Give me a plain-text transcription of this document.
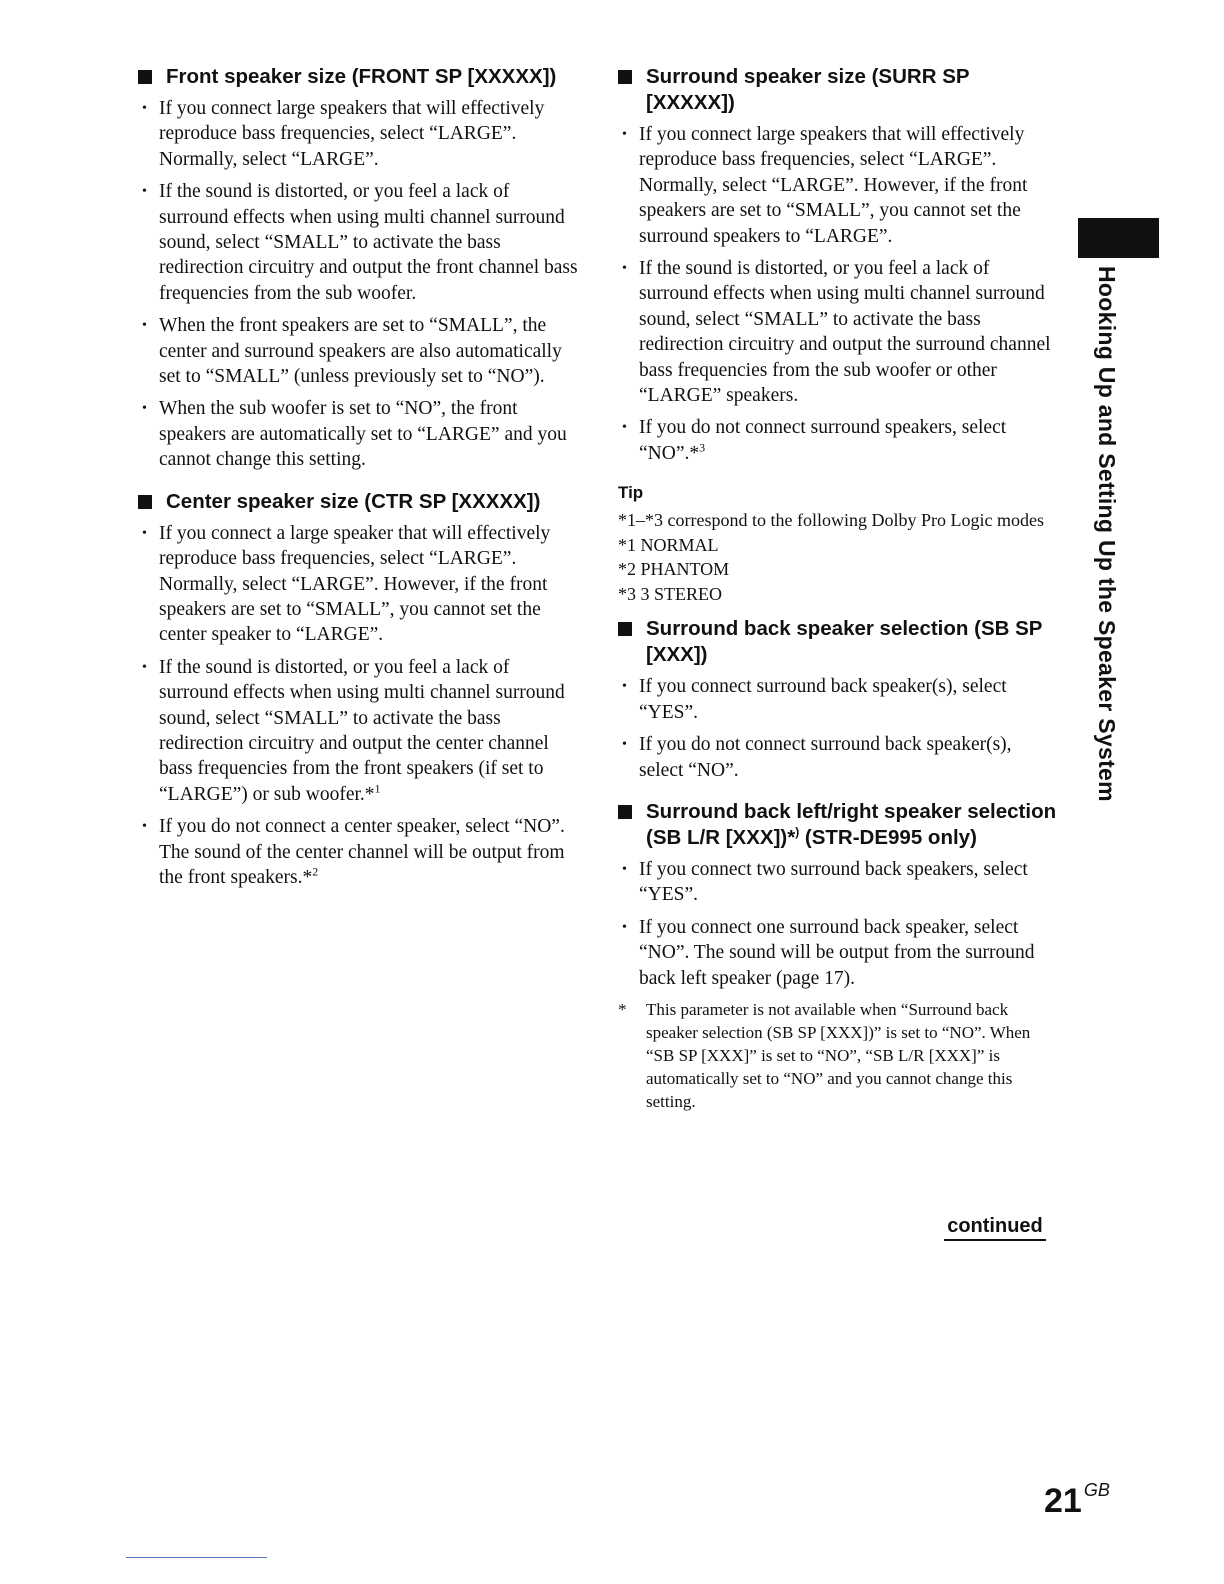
Front speaker size (FRONT SP [XXXXX])
• If you connect large speakers that will effectively reproduce bass frequencies, select “LARGE”. Normally, select “LARGE”.
• If the sound is distorted, or you feel a lack of surround effects when using multi channel surround sound, select “SMALL” to activate the bass redirection circuitry and output the front channel bass frequencies from the sub woofer.
• When the front speakers are set to “SMALL”, the center and surround speakers are also automatically set to “SMALL” (unless previously set to “NO”).
• When the sub woofer is set to “NO”, the front speakers are automatically set to “LARGE” and you cannot change this setting.
Center speaker size (CTR SP [XXXXX])
• If you connect a large speaker that will effectively reproduce bass frequencies, select “LARGE”. Normally, select “LARGE”. However, if the front speakers are set to “SMALL”, you cannot set the center speaker to “LARGE”.
• If the sound is distorted, or you feel a lack of surround effects when using multi channel surround sound, select “SMALL” to activate the bass redirection circuitry and output the center channel bass frequencies from the front speakers (if set to “LARGE”) or sub woofer.*$^1$
• If you do not connect a center speaker, select “NO”. The sound of the center channel will be output from the front speakers.*$^2$
Surround speaker size (SURR SP [XXXXX])
• If you connect large speakers that will effectively reproduce bass frequencies, select “LARGE”. Normally, select “LARGE”. However, if the front speakers are set to “SMALL”, you cannot set the surround speakers to “LARGE”.
• If the sound is distorted, or you feel a lack of surround effects when using multi channel surround sound, select “SMALL” to activate the bass redirection circuitry and output the surround channel bass frequencies from the sub woofer or other “LARGE” speakers.
• If you do not connect surround speakers, select “NO”.*$^3$
Tip
*1–*3 correspond to the following Dolby Pro Logic modes
*1 NORMAL
*2 PHANTOM
*3 3 STEREO
Surround back speaker selection (SB SP [XXX])
• If you connect surround back speaker(s), select “YES”.
• If you do not connect surround back speaker(s), select “NO”.
Surround back left/right speaker selection (SB L/R [XXX])*) (STR-DE995 only)
• If you connect two surround back speakers, select “YES”.
• If you connect one surround back speaker, select “NO”. The sound will be output from the surround back left speaker (page 17).
* This parameter is not available when “Surround back speaker selection (SB SP [XXX])” is set to “NO”. When “SB SP [XXX]” is set to “NO”, “SB L/R [XXX]” is automatically set to “NO” and you cannot change this setting.
continued
Hooking Up and Setting Up the Speaker System
21 $^{GB}$
